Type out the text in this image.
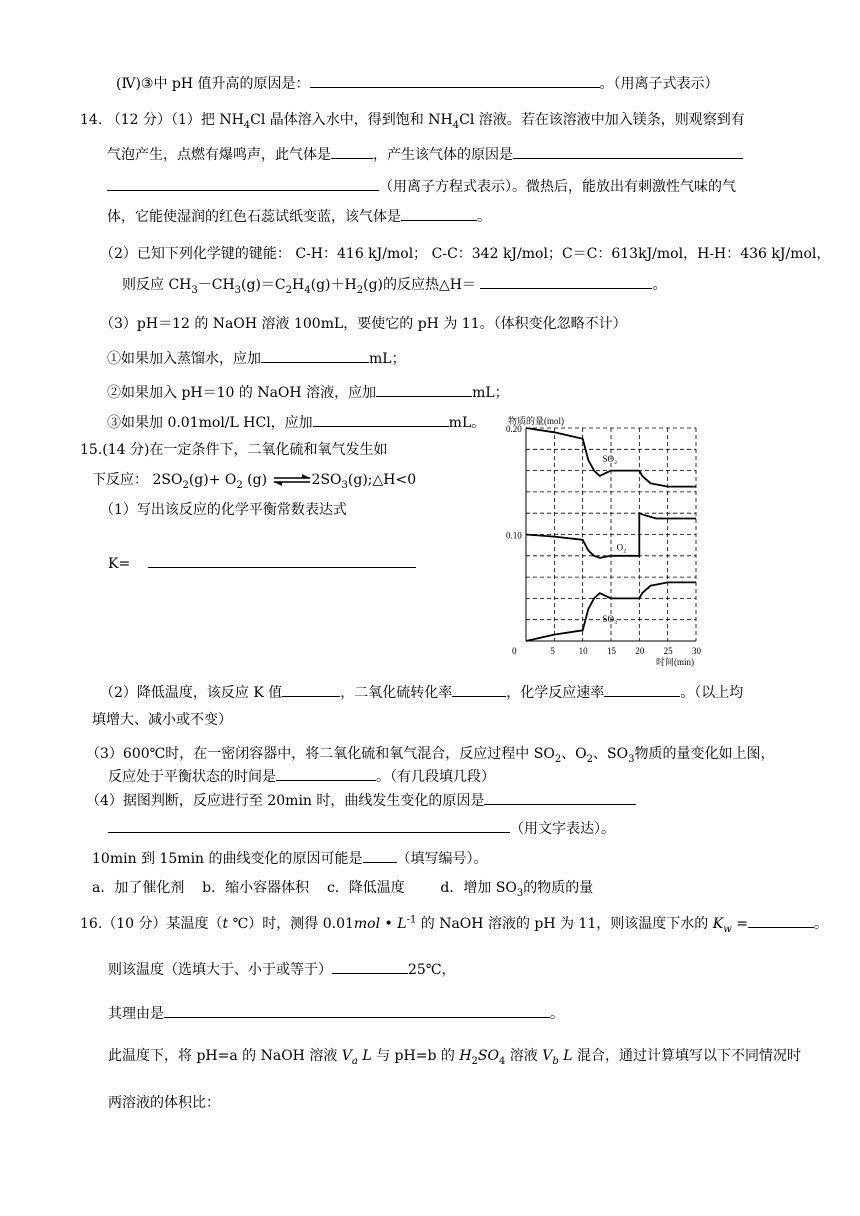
(Ⅳ)③中 pH 值升高的原因是：	。（用离子式表示）
14. （12 分）（1）把 $NH_4Cl$ 晶体溶入水中，得到饱和 $NH_4Cl$ 溶液。若在该溶液中加入镁条，则观察到有
气泡产生，点燃有爆鸣声，此气体是	，产生该气体的原因是
（用离子方程式表示）。微热后，能放出有刺激性气味的气
体，它能使湿润的红色石蕊试纸变蓝，该气体是	。
（2）已知下列化学键的键能： C-H：416 kJ/mol； C-C：342 kJ/mol；C＝C：613kJ/mol，H-H：436 kJ/mol，
则反应 $CH_3-CH_3(g)=C_2H_4(g)+H_2(g)$的反应热△H＝	。
（3）pH＝12 的 NaOH 溶液 100mL，要使它的 pH 为 11。（体积变化忽略不计）
①如果加入蒸馏水，应加	mL；
②如果加入 pH＝10 的 NaOH 溶液，应加	mL；
③如果加 0.01mol/L HCl，应加	mL。
15.(14 分)在一定条件下，二氧化硫和氧气发生如
下反应： $2SO_2(g)+ O_2$ (g) $\rightleftharpoons 2SO_3(g);\triangle H<0$
（1）写出该反应的化学平衡常数表达式
K=
0	5	10 15 20 25 30
0.10
0.20
物质的量(mol)
时间(min)
SO₂
O₂
SO₃
（2）降低温度，该反应 K 值	，二氧化硫转化率	，化学反应速率	。（以上均
填增大、减小或不变）
（3）600℃时，在一密闭容器中，将二氧化硫和氧气混合，反应过程中 $SO_2$、$O_2$、$SO_3$物质的量变化如上图，
反应处于平衡状态的时间是	。（有几段填几段）
（4）据图判断，反应进行至 20min 时，曲线发生变化的原因是
（用文字表达）。
10min 到 15min 的曲线变化的原因可能是 （填写编号）。
a．加了催化剂 b．缩小容器体积 c．降低温度	d．增加 $SO_3$的物质的量
16.（10 分）某温度（t ℃）时，测得 0.01mol • $L^{-1}$ 的 NaOH 溶液的 pH 为 11，则该温度下水的 $K_w$ =	。
则该温度（选填大于、小于或等于）	25℃，
其理由是	。
此温度下，将 pH=a 的 NaOH 溶液 $V_a$ L 与 pH=b 的 $H_2SO_4$ 溶液 $V_b$ L 混合，通过计算填写以下不同情况时
两溶液的体积比：
